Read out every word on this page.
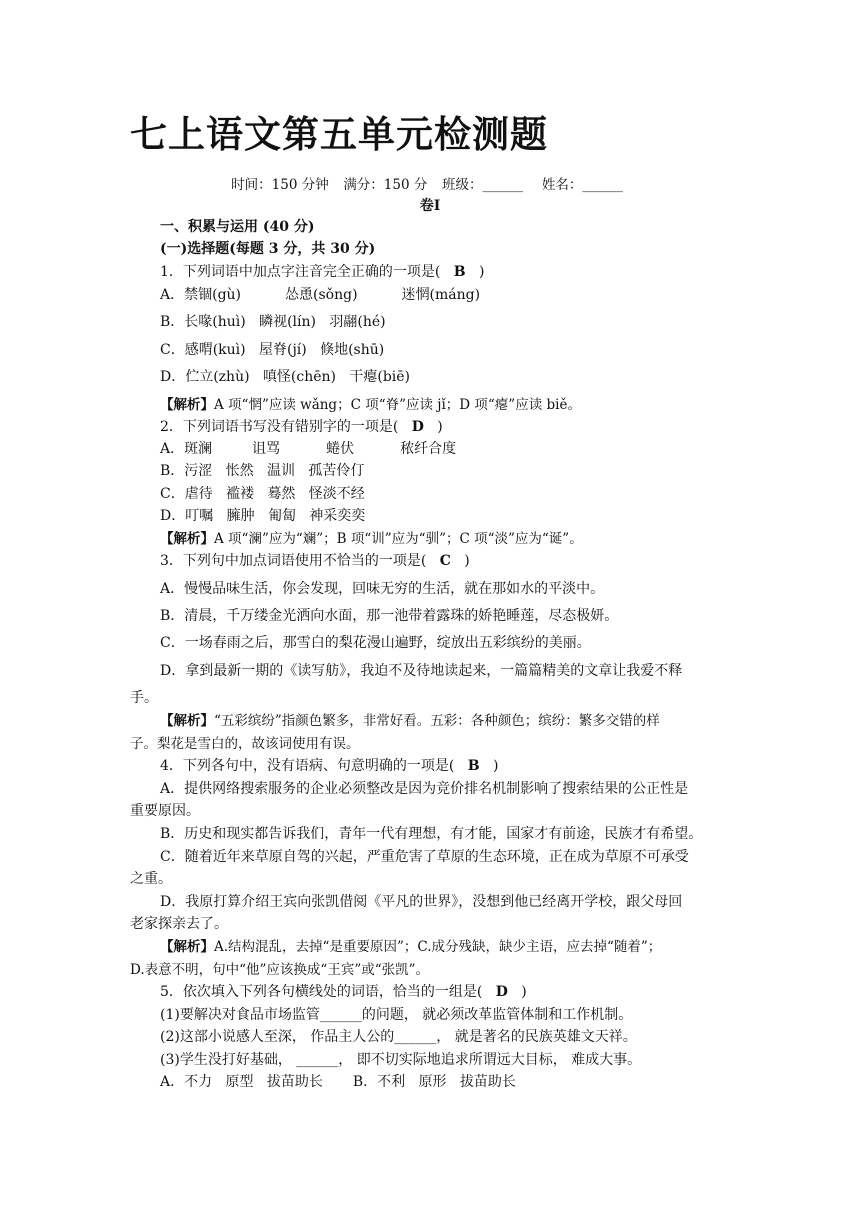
七上语文第五单元检测题
时间：150 分钟 满分：150 分 班级：______ 姓名：______
卷Ⅰ
一、积累与运用 (40 分)
(一)选择题(每题 3 分，共 30 分)
1．下列词语中加点字注音完全正确的一项是( B )
A．禁锢(gù)	怂恿(sǒng)	迷惘(máng)
B．长喙(huì) 瞵视(lín) 羽翮(hé)
C．感喟(kuì) 屋脊(jí) 倏地(shū)
D．伫立(zhù) 嗔怪(chēn) 干瘪(biē)
【解析】A 项“惘”应读 wǎng；C 项“脊”应读 jǐ；D 项“瘪”应读 biě。
2．下列词语书写没有错别字的一项是( D )
A．斑澜	诅骂	蜷伏	秾纤合度
B．污涩 怅然 温训 孤苦伶仃
C．虐待 褴褛 蓦然 怪淡不经
D．叮嘱 臃肿 匍匐 神采奕奕
【解析】A 项“澜”应为“斓”；B 项“训”应为“驯”；C 项“淡”应为“诞”。
3．下列句中加点词语使用不恰当的一项是( C )
A．慢慢品味生活，你会发现，回味无穷的生活，就在那如水的平淡中。
B．清晨，千万缕金光洒向水面，那一池带着露珠的娇艳睡莲，尽态极妍。
C．一场春雨之后，那雪白的梨花漫山遍野，绽放出五彩缤纷的美丽。
D．拿到最新一期的《读写舫》，我迫不及待地读起来，一篇篇精美的文章让我爱不释
手。
【解析】“五彩缤纷”指颜色繁多，非常好看。五彩：各种颜色；缤纷：繁多交错的样
子。梨花是雪白的，故该词使用有误。
4．下列各句中，没有语病、句意明确的一项是( B )
A．提供网络搜索服务的企业必须整改是因为竞价排名机制影响了搜索结果的公正性是
重要原因。
B．历史和现实都告诉我们，青年一代有理想，有才能，国家才有前途，民族才有希望。
C．随着近年来草原自驾的兴起，严重危害了草原的生态环境，正在成为草原不可承受
之重。
D．我原打算介绍王宾向张凯借阅《平凡的世界》，没想到他已经离开学校，跟父母回
老家探亲去了。
【解析】A.结构混乱，去掉“是重要原因”；C.成分残缺，缺少主语，应去掉“随着”；
D.表意不明，句中“他”应该换成“王宾”或“张凯”。
5．依次填入下列各句横线处的词语，恰当的一组是( D )
(1)要解决对食品市场监管______的问题， 就必须改革监管体制和工作机制。
(2)这部小说感人至深， 作品主人公的______， 就是著名的民族英雄文天祥。
(3)学生没打好基础， ______， 即不切实际地追求所谓远大目标， 难成大事。
A．不力 原型 拔苗助长 B．不利 原形 拔苗助长
